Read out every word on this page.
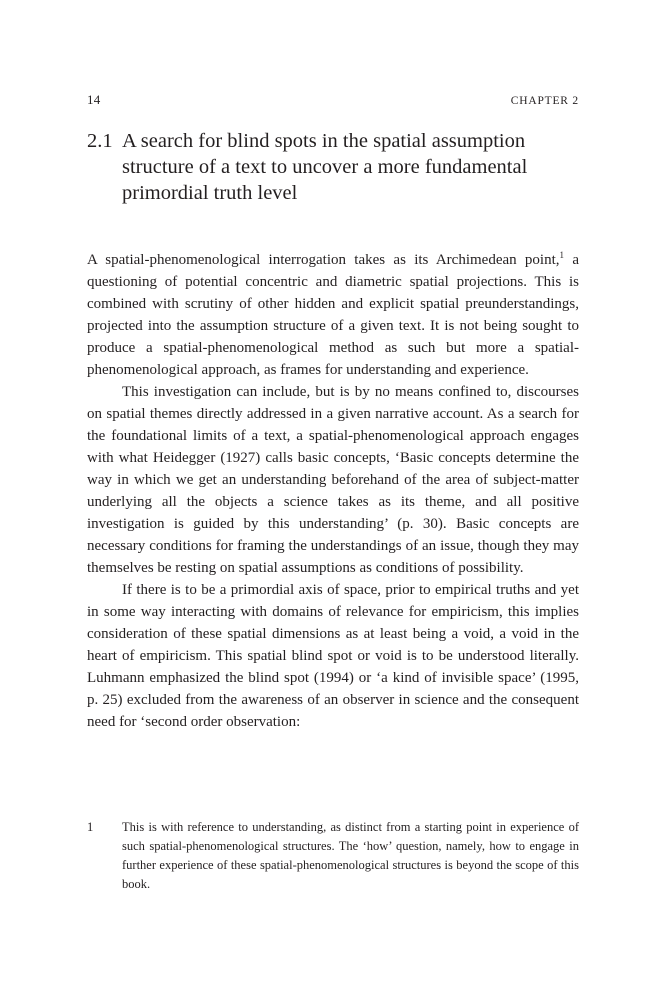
14	CHAPTER 2
2.1 A search for blind spots in the spatial assumption structure of a text to uncover a more fundamental primordial truth level

A spatial-phenomenological interrogation takes as its Archimedean point,$^1$ a questioning of potential concentric and diametric spatial projections. This is combined with scrutiny of other hidden and explicit spatial preunderstandings, projected into the assumption structure of a given text. It is not being sought to produce a spatial-phenomenological method as such but more a spatial-phenomenological approach, as frames for understanding and experience.

This investigation can include, but is by no means confined to, discourses on spatial themes directly addressed in a given narrative account. As a search for the foundational limits of a text, a spatial-phenomenological approach engages with what Heidegger (1927) calls basic concepts, ‘Basic concepts determine the way in which we get an understanding beforehand of the area of subject-matter underlying all the objects a science takes as its theme, and all positive investigation is guided by this understanding’ (p. 30). Basic concepts are necessary conditions for framing the understandings of an issue, though they may themselves be resting on spatial assumptions as conditions of possibility.

If there is to be a primordial axis of space, prior to empirical truths and yet in some way interacting with domains of relevance for empiricism, this implies consideration of these spatial dimensions as at least being a void, a void in the heart of empiricism. This spatial blind spot or void is to be understood literally. Luhmann emphasized the blind spot (1994) or ‘a kind of invisible space’ (1995, p. 25) excluded from the awareness of an observer in science and the consequent need for ‘second order observation:

1	This is with reference to understanding, as distinct from a starting point in experience of such spatial-phenomenological structures. The ‘how’ question, namely, how to engage in further experience of these spatial-phenomenological structures is beyond the scope of this book.
